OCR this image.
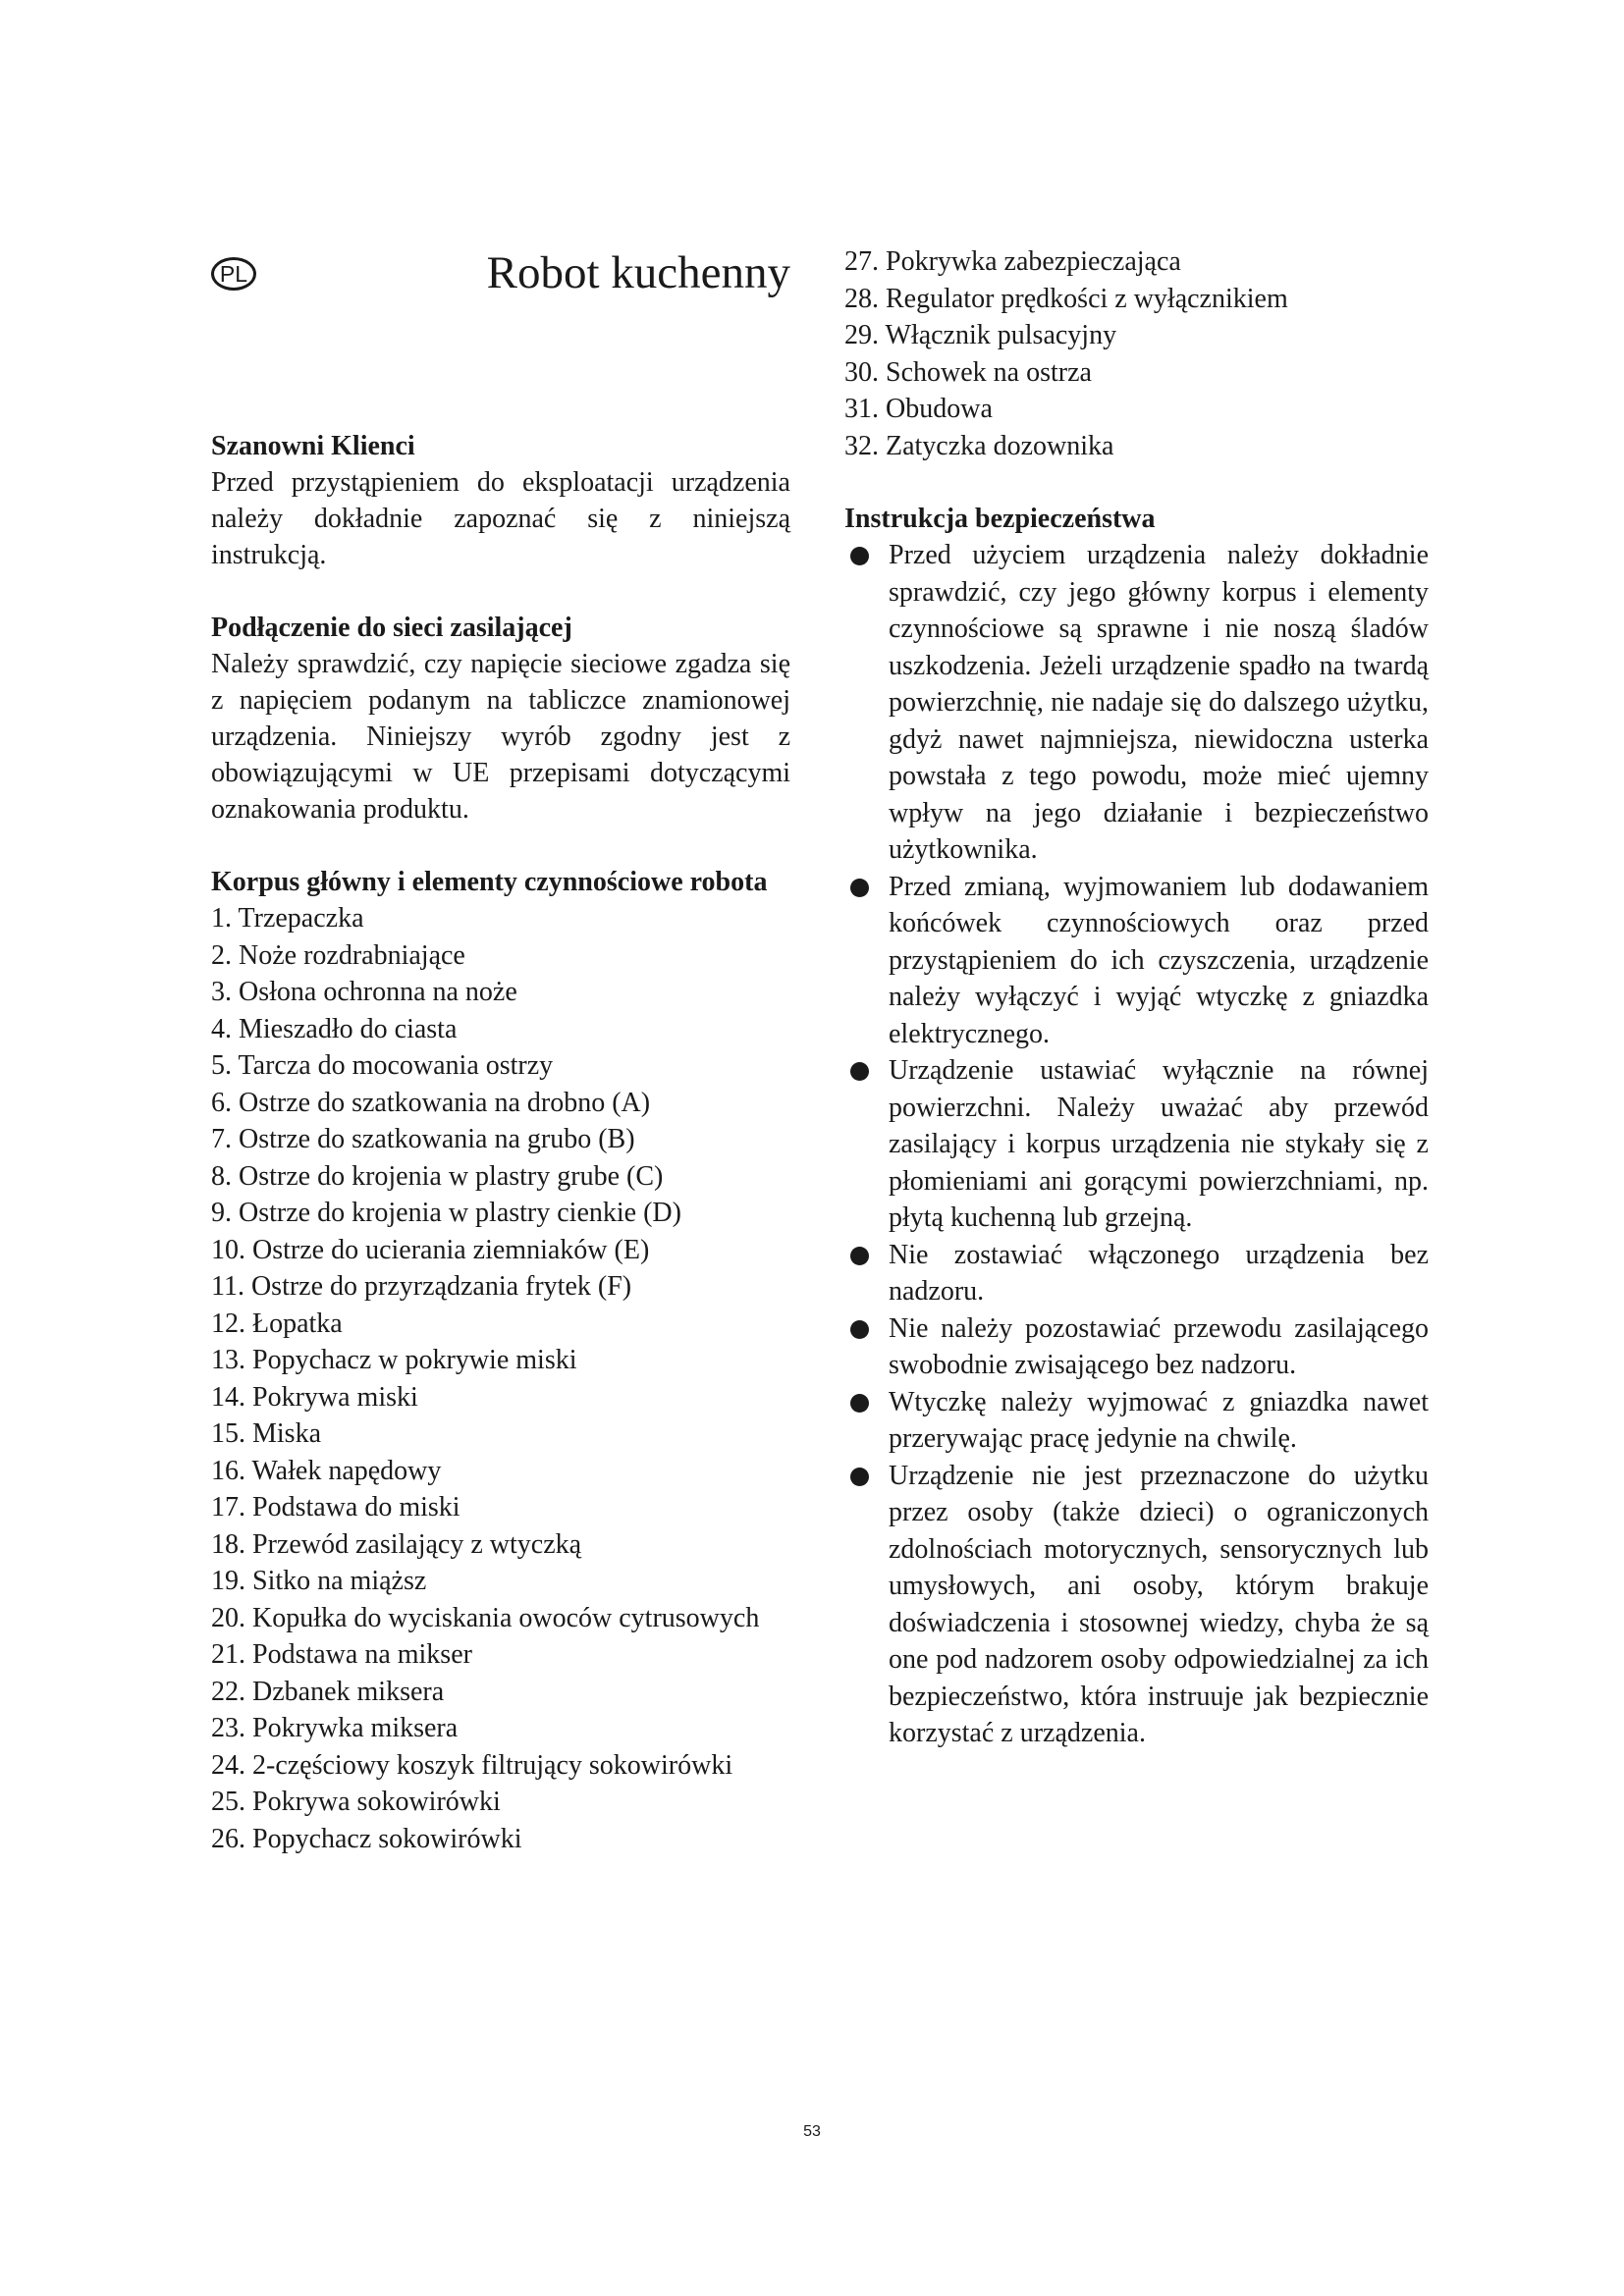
PL	Robot kuchenny
Szanowni Klienci

Przed przystąpieniem do eksploatacji urządzenia należy dokładnie zapoznać się z niniejszą instrukcją.

Podłączenie do sieci zasilającej

Należy sprawdzić, czy napięcie sieciowe zgadza się z napięciem podanym na tabliczce znamionowej urządzenia. Niniejszy wyrób zgodny jest z obowiązującymi w UE przepisami dotyczącymi oznakowania produktu.

Korpus główny i elementy czynnościowe robota
1. Trzepaczka
2. Noże rozdrabniające
3. Osłona ochronna na noże
4. Mieszadło do ciasta
5. Tarcza do mocowania ostrzy
6. Ostrze do szatkowania na drobno (A)
7. Ostrze do szatkowania na grubo (B)
8. Ostrze do krojenia w plastry grube (C)
9. Ostrze do krojenia w plastry cienkie (D)
10. Ostrze do ucierania ziemniaków (E)
11. Ostrze do przyrządzania frytek (F)
12. Łopatka
13. Popychacz w pokrywie miski
14. Pokrywa miski
15. Miska
16. Wałek napędowy
17. Podstawa do miski
18. Przewód zasilający z wtyczką
19. Sitko na miąższ
20. Kopułka do wyciskania owoców cytrusowych
21. Podstawa na mikser
22. Dzbanek miksera
23. Pokrywka miksera
24. 2-częściowy koszyk filtrujący sokowirówki
25. Pokrywa sokowirówki
26. Popychacz sokowirówki
27. Pokrywka zabezpieczająca
28. Regulator prędkości z wyłącznikiem
29. Włącznik pulsacyjny
30. Schowek na ostrza
31. Obudowa
32. Zatyczka dozownika
Instrukcja bezpieczeństwa
Przed użyciem urządzenia należy dokładnie sprawdzić, czy jego główny korpus i elementy czynnościowe są sprawne i nie noszą śladów uszkodzenia. Jeżeli urządzenie spadło na twardą powierzchnię, nie nadaje się do dalszego użytku, gdyż nawet najmniejsza, niewidoczna usterka powstała z tego powodu, może mieć ujemny wpływ na jego działanie i bezpieczeństwo użytkownika.
Przed zmianą, wyjmowaniem lub dodawaniem końcówek czynnościowych oraz przed przystąpieniem do ich czyszczenia, urządzenie należy wyłączyć i wyjąć wtyczkę z gniazdka elektrycznego.
Urządzenie ustawiać wyłącznie na równej powierzchni. Należy uważać aby przewód zasilający i korpus urządzenia nie stykały się z płomieniami ani gorącymi powierzchniami, np. płytą kuchenną lub grzejną.
Nie zostawiać włączonego urządzenia bez nadzoru.
Nie należy pozostawiać przewodu zasilającego swobodnie zwisającego bez nadzoru.
Wtyczkę należy wyjmować z gniazdka nawet przerywając pracę jedynie na chwilę.
Urządzenie nie jest przeznaczone do użytku przez osoby (także dzieci) o ograniczonych zdolnościach motorycznych, sensorycznych lub umysłowych, ani osoby, którym brakuje doświadczenia i stosownej wiedzy, chyba że są one pod nadzorem osoby odpowiedzialnej za ich bezpieczeństwo, która instruuje jak bezpiecznie korzystać z urządzenia.
53
